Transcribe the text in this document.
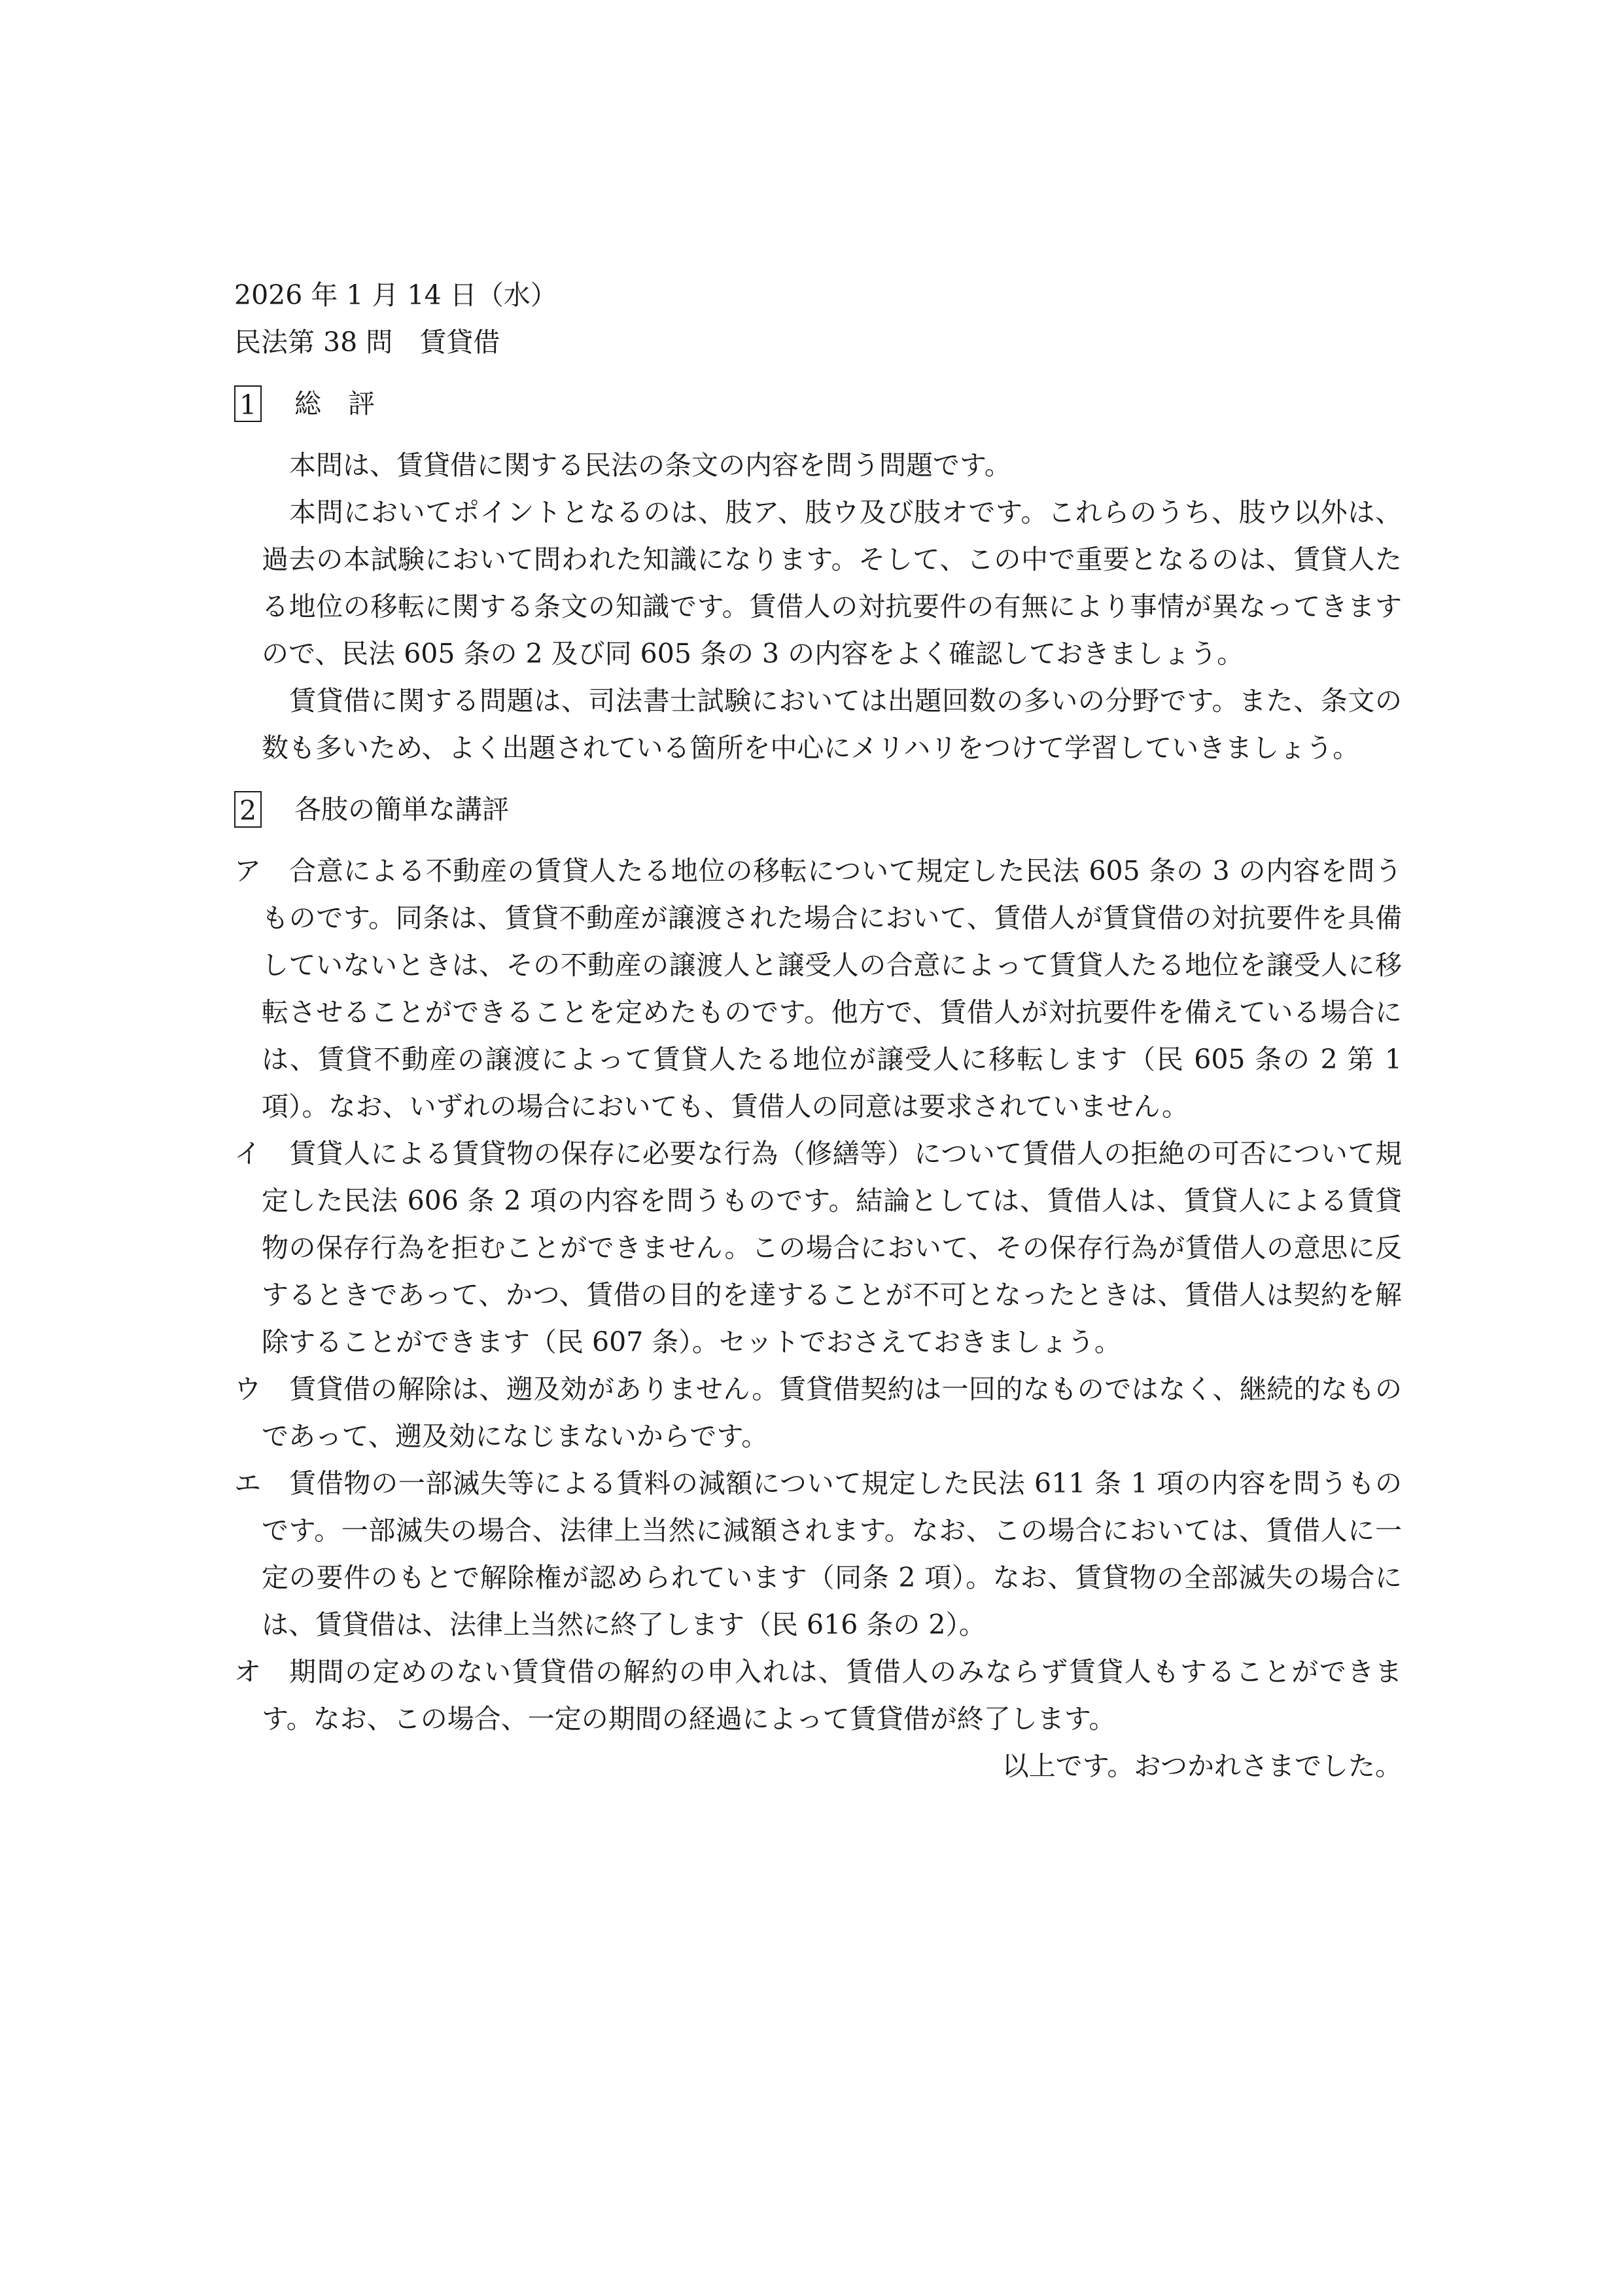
2026 年 1 月 14 日（水）

民法第 38 問　賃貸借

1 総　評

本問は、賃貸借に関する民法の条文の内容を問う問題です。

本問においてポイントとなるのは、肢ア、肢ウ及び肢オです。これらのうち、肢ウ以外は、過去の本試験において問われた知識になります。そして、この中で重要となるのは、賃貸人たる地位の移転に関する条文の知識です。賃借人の対抗要件の有無により事情が異なってきますので、民法 605 条の 2 及び同 605 条の 3 の内容をよく確認しておきましょう。

賃貸借に関する問題は、司法書士試験においては出題回数の多いの分野です。また、条文の数も多いため、よく出題されている箇所を中心にメリハリをつけて学習していきましょう。

2 各肢の簡単な講評
ア	合意による不動産の賃貸人たる地位の移転について規定した民法 605 条の 3 の内容を問うものです。同条は、賃貸不動産が譲渡された場合において、賃借人が賃貸借の対抗要件を具備していないときは、その不動産の譲渡人と譲受人の合意によって賃貸人たる地位を譲受人に移転させることができることを定めたものです。他方で、賃借人が対抗要件を備えている場合には、賃貸不動産の譲渡によって賃貸人たる地位が譲受人に移転します（民 605 条の 2 第 1 項）。なお、いずれの場合においても、賃借人の同意は要求されていません。
イ	賃貸人による賃貸物の保存に必要な行為（修繕等）について賃借人の拒絶の可否について規定した民法 606 条 2 項の内容を問うものです。結論としては、賃借人は、賃貸人による賃貸物の保存行為を拒むことができません。この場合において、その保存行為が賃借人の意思に反するときであって、かつ、賃借の目的を達することが不可となったときは、賃借人は契約を解除することができます（民 607 条）。セットでおさえておきましょう。
ウ	賃貸借の解除は、遡及効がありません。賃貸借契約は一回的なものではなく、継続的なものであって、遡及効になじまないからです。
エ	賃借物の一部滅失等による賃料の減額について規定した民法 611 条 1 項の内容を問うものです。一部滅失の場合、法律上当然に減額されます。なお、この場合においては、賃借人に一定の要件のもとで解除権が認められています（同条 2 項）。なお、賃貸物の全部滅失の場合には、賃貸借は、法律上当然に終了します（民 616 条の 2）。
オ	期間の定めのない賃貸借の解約の申入れは、賃借人のみならず賃貸人もすることができます。なお、この場合、一定の期間の経過によって賃貸借が終了します。

以上です。おつかれさまでした。
